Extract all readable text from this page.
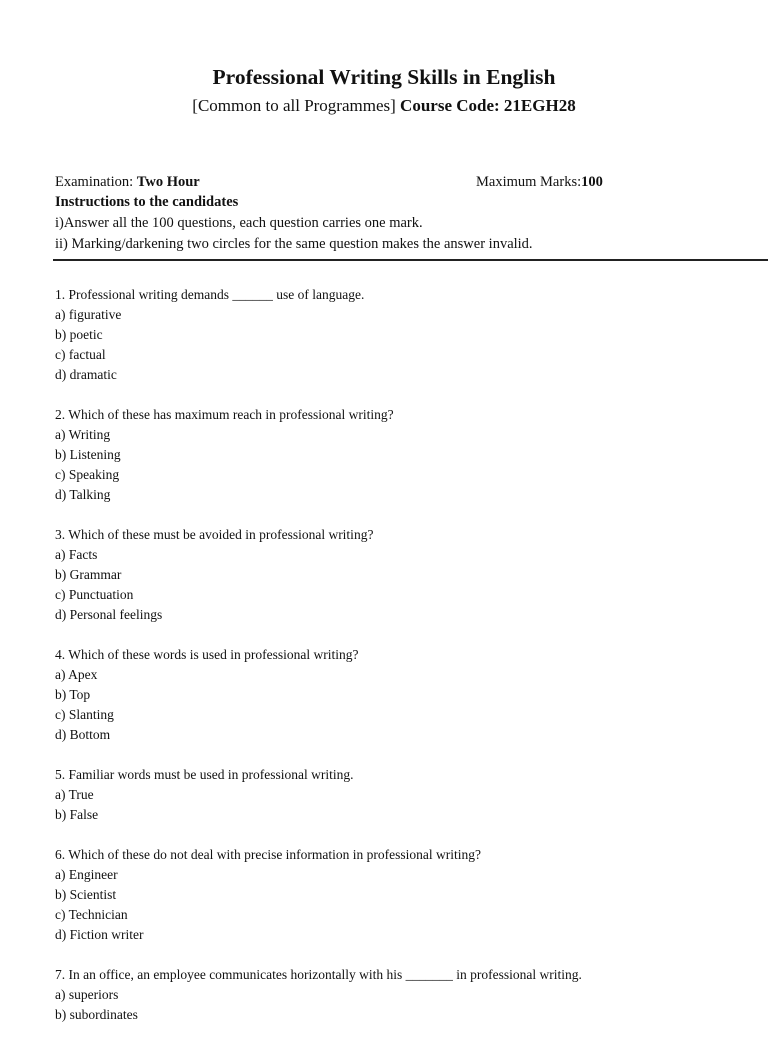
Professional Writing Skills in English
[Common to all Programmes] Course Code: 21EGH28
Examination: Two Hour	Maximum Marks:100
Instructions to the candidates
i)Answer all the 100 questions, each question carries one mark.
ii) Marking/darkening two circles for the same question makes the answer invalid.
1. Professional writing demands ______ use of language.
a) figurative
b) poetic
c) factual
d) dramatic
2. Which of these has maximum reach in professional writing?
a) Writing
b) Listening
c) Speaking
d) Talking
3. Which of these must be avoided in professional writing?
a) Facts
b) Grammar
c) Punctuation
d) Personal feelings
4. Which of these words is used in professional writing?
a) Apex
b) Top
c) Slanting
d) Bottom
5. Familiar words must be used in professional writing.
a) True
b) False
6. Which of these do not deal with precise information in professional writing?
a) Engineer
b) Scientist
c) Technician
d) Fiction writer
7. In an office, an employee communicates horizontally with his _______ in professional writing.
a) superiors
b) subordinates
